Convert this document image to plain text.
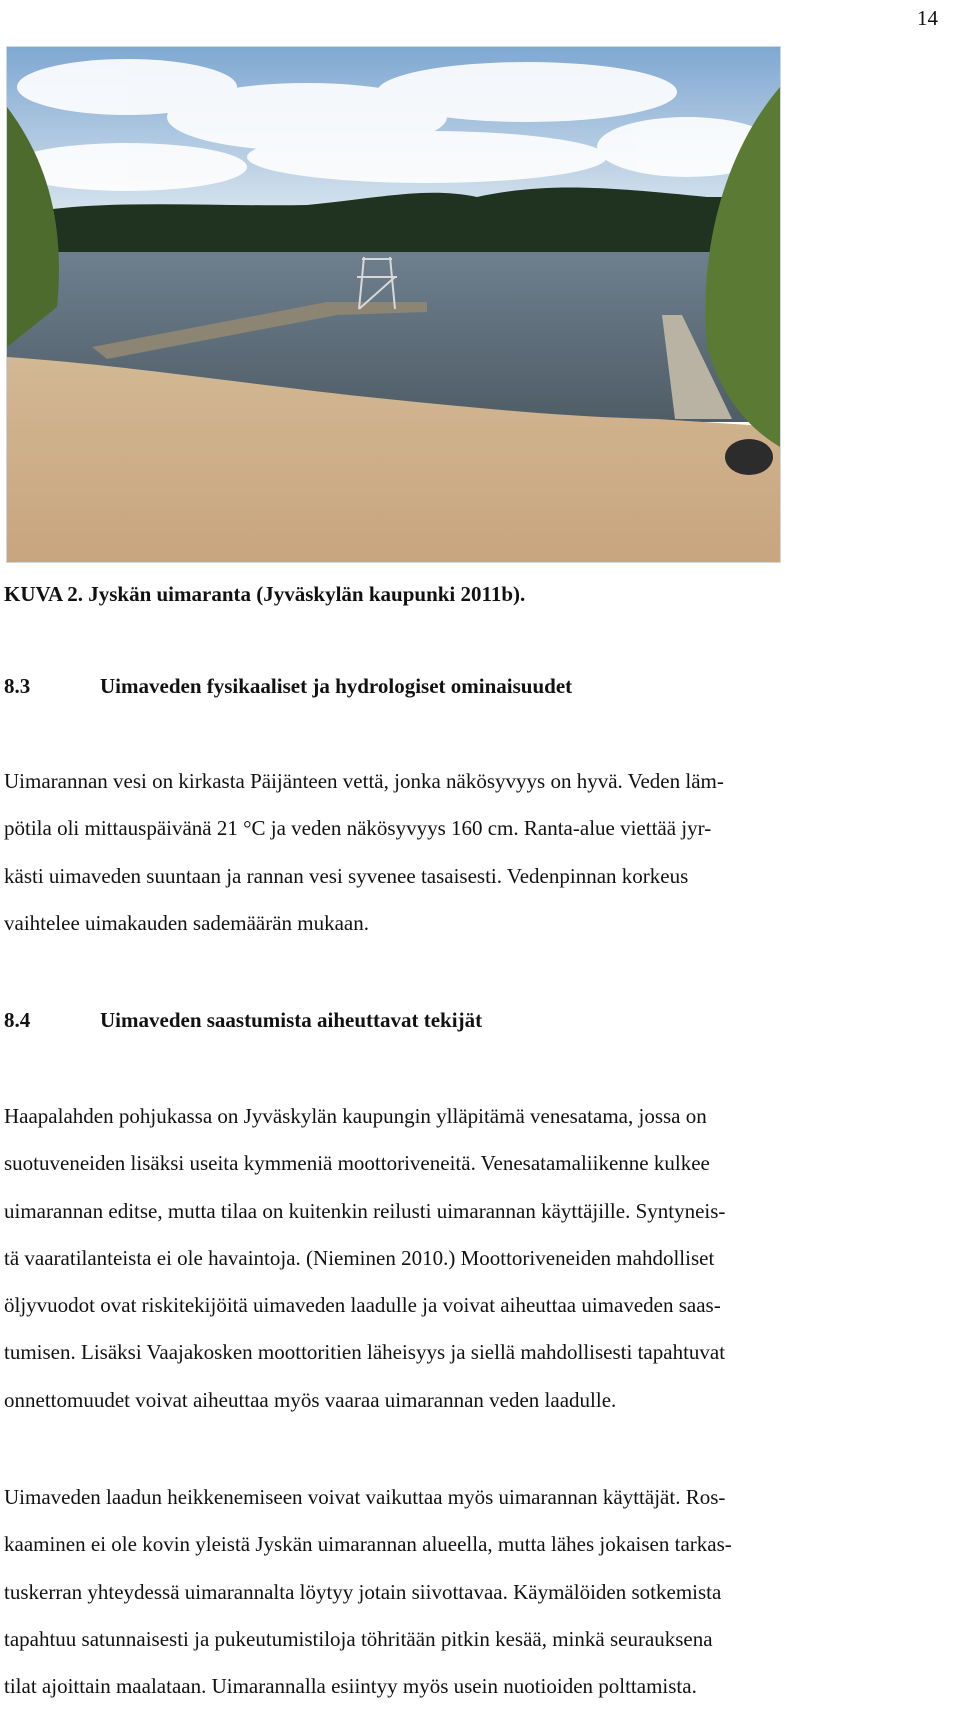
14
KUVA 2. Jyskän uimaranta (Jyväskylän kaupunki 2011b).
8.3	Uimaveden fysikaaliset ja hydrologiset ominaisuudet
Uimarannan vesi on kirkasta Päijänteen vettä, jonka näkösyvyys on hyvä. Veden läm-
pötila oli mittauspäivänä 21 °C ja veden näkösyvyys 160 cm. Ranta-alue viettää jyr-
kästi uimaveden suuntaan ja rannan vesi syvenee tasaisesti. Vedenpinnan korkeus
vaihtelee uimakauden sademäärän mukaan.
8.4	Uimaveden saastumista aiheuttavat tekijät
Haapalahden pohjukassa on Jyväskylän kaupungin ylläpitämä venesatama, jossa on
suotuveneiden lisäksi useita kymmeniä moottoriveneitä. Venesatamaliikenne kulkee
uimarannan editse, mutta tilaa on kuitenkin reilusti uimarannan käyttäjille. Syntyneis-
tä vaaratilanteista ei ole havaintoja. (Nieminen 2010.) Moottoriveneiden mahdolliset
öljyvuodot ovat riskitekijöitä uimaveden laadulle ja voivat aiheuttaa uimaveden saas-
tumisen. Lisäksi Vaajakosken moottoritien läheisyys ja siellä mahdollisesti tapahtuvat
onnettomuudet voivat aiheuttaa myös vaaraa uimarannan veden laadulle.
Uimaveden laadun heikkenemiseen voivat vaikuttaa myös uimarannan käyttäjät. Ros-
kaaminen ei ole kovin yleistä Jyskän uimarannan alueella, mutta lähes jokaisen tarkas-
tuskerran yhteydessä uimarannalta löytyy jotain siivottavaa. Käymälöiden sotkemista
tapahtuu satunnaisesti ja pukeutumistiloja töhritään pitkin kesää, minkä seurauksena
tilat ajoittain maalataan. Uimarannalla esiintyy myös usein nuotioiden polttamista.
